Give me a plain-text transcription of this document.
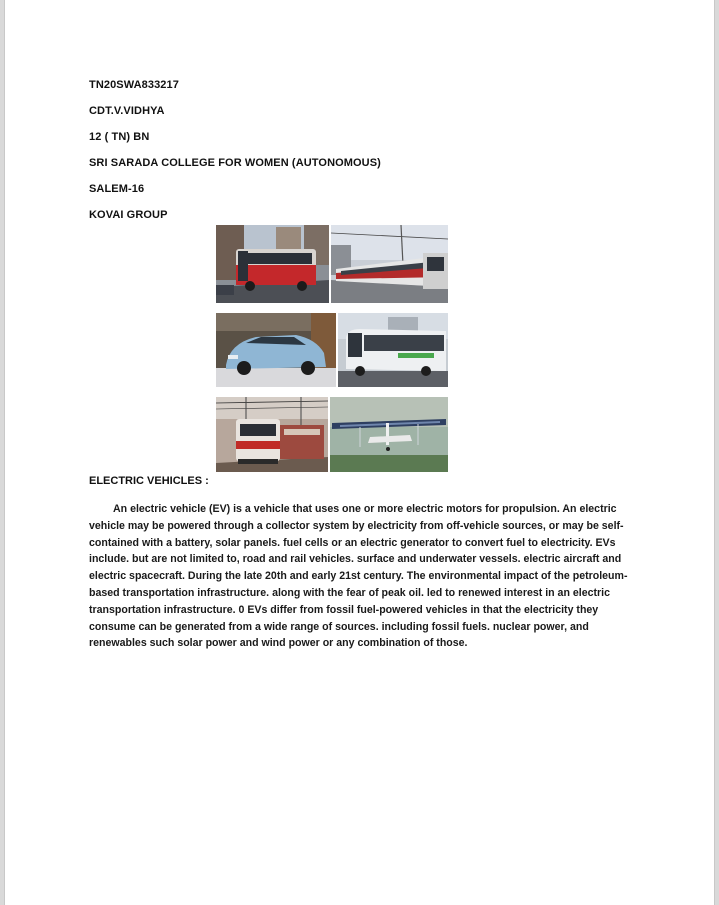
TN20SWA833217
CDT.V.VIDHYA
12 ( TN) BN
SRI SARADA COLLEGE FOR WOMEN (AUTONOMOUS)
SALEM-16
KOVAI GROUP
ELECTRIC VEHICLES :

An electric vehicle (EV) is a vehicle that uses one or more electric motors for propulsion. An electric vehicle may be powered through a collector system by electricity from off-vehicle sources, or may be self- contained with a battery, solar panels. fuel cells or an electric generator to convert fuel to electricity. EVs include. but are not limited to, road and rail vehicles. surface and underwater vessels. electric aircraft and electric spacecraft. During the late 20th and early 21st century. The environmental impact of the petroleum-based transportation infrastructure. along with the fear of peak oil. led to renewed interest in an electric transportation infrastructure. 0 EVs differ from fossil fuel-powered vehicles in that the electricity they consume can be generated from a wide range of sources. including fossil fuels. nuclear power, and renewables such solar power and wind power or any combination of those.
